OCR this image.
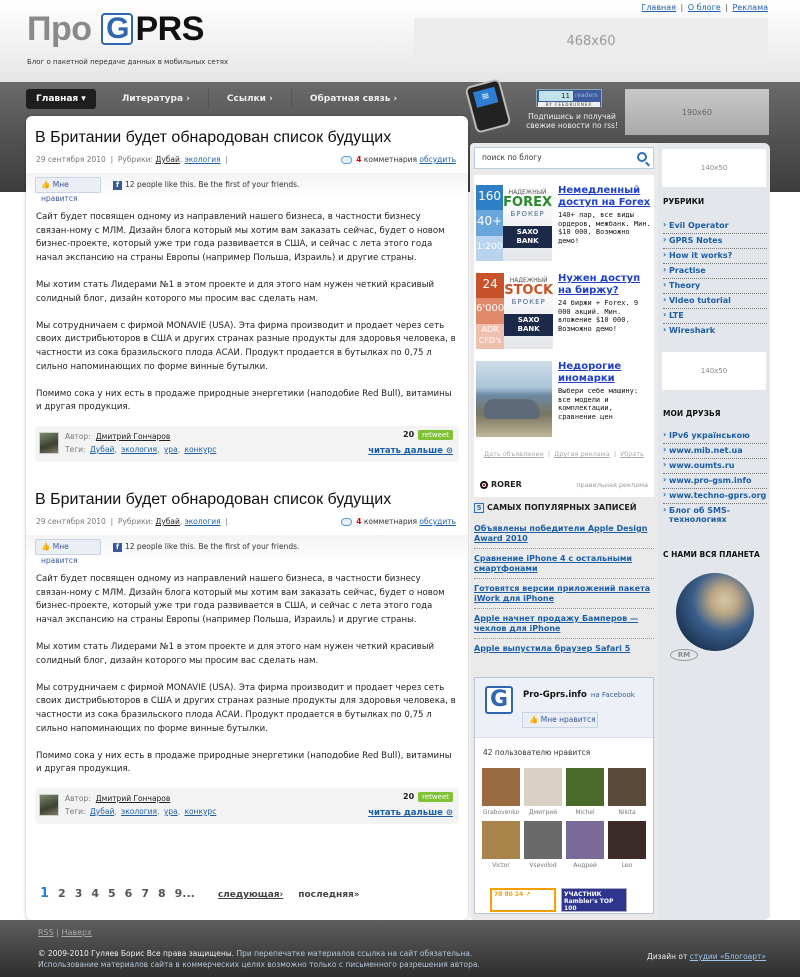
Про G PRS
Блог о пакетной передаче данных в мобильных сетях
Главная | О блоге | Реклама
468x60
Главная ▾	Литература ›	Ссылки ›	Обратная связь ›	≋	11 readers
BY FEEDBURNER
Подпишись и получай свежие новости по rss!
190x60
В Британии будет обнародован список будущих
29 сентября 2010  |  Рубрики: Дубай, экология  |	4 комметнария обсудить
👍 Мне нравится
f 12 people like this. Be the first of your friends.

Сайт будет посвящен одному из направлений нашего бизнеса, в частности бизнесу связан-ному с МЛМ. Дизайн блога который мы хотим вам заказать сейчас, будет о новом бизнес-проекте, который уже три года развивается в США, и сейчас с лета этого года начал экспансию на страны Европы (например Польша, Израиль) и другие страны.

Мы хотим стать Лидерами №1 в этом проекте и для этого нам нужен четкий красивый солидный блог, дизайн которого мы просим вас сделать нам.

Мы сотрудничаем с фирмой MONAVIE (USA). Эта фирма производит и продает через сеть своих дистрибьюторов в США и других странах разные продукты для здоровья человека, в частности из сока бразильского плода АСАИ. Продукт продается в бутылках по 0,75 л сильно напоминающих по форме винные бутылки.

Помимо сока у них есть в продаже природные энергетики (наподобие Red Bull), витамины и другая продукция.

Автор: Дмитрий Гончаров
Теги: Дубай, экология, ура, конкурс
20 retweet
читать дальше ⊙
В Британии будет обнародован список будущих
29 сентября 2010  |  Рубрики: Дубай, экология  |	4 комметнария обсудить
👍 Мне нравится
f 12 people like this. Be the first of your friends.

Сайт будет посвящен одному из направлений нашего бизнеса, в частности бизнесу связан-ному с МЛМ. Дизайн блога который мы хотим вам заказать сейчас, будет о новом бизнес-проекте, который уже три года развивается в США, и сейчас с лета этого года начал экспансию на страны Европы (например Польша, Израиль) и другие страны.

Мы хотим стать Лидерами №1 в этом проекте и для этого нам нужен четкий красивый солидный блог, дизайн которого мы просим вас сделать нам.

Мы сотрудничаем с фирмой MONAVIE (USA). Эта фирма производит и продает через сеть своих дистрибьюторов в США и других странах разные продукты для здоровья человека, в частности из сока бразильского плода АСАИ. Продукт продается в бутылках по 0,75 л сильно напоминающих по форме винные бутылки.

Помимо сока у них есть в продаже природные энергетики (наподобие Red Bull), витамины и другая продукция.

Автор: Дмитрий Гончаров
Теги: Дубай, экология, ура, конкурс
20 retweet
читать дальше ⊙
1 2 3 4 5 6 7 8 9...	следующая› последняя»
поиск по блогу
160
40+
1:200
НАДЕЖНЫЙ
FOREX
БРОКЕР
SAXO BANK
Немедленный доступ на Forex
140+ пар, все виды ордеров, межбанк. Мин. $10 000. Возможно демо!
24
6'000
ADR CFD's
НАДЕЖНЫЙ
STOCK
БРОКЕР
SAXO BANK
Нужен доступ на биржу?
24 биржи + Forex. 9 000 акций. Мин. вложение $10 000. Возможно демо!
Недорогие иномарки
Выбери себе машину: все модели и комплектации, сравнение цен
Дать объявление  |  Другая реклама  |  Убрать
RORER	правильная реклама
5 САМЫХ ПОПУЛЯРНЫХ ЗАПИСЕЙ
Объявлены победители Apple Design Award 2010
Сравнение iPhone 4 с остальными смартфонами
Готовятся версии приложений пакета iWork для iPhone
Apple начнет продажу Бамперов — чехлов для iPhone
Apple выпустила браузер Safari 5
G	Pro-Gprs.info на Facebook
👍 Мне нравится
42 пользователю нравится
Grabovenko	Дмитрий	Michel	Nikita
Victor	Vsevolod	Андрей	Leo
78 80 14 ↗	УЧАСТНИК Rambler's TOP 100
140x50
РУБРИКИ
› Evil Operator
› GPRS Notes
› How it works?
› Practise
› Theory
› Video tutorial
› LTE
› Wireshark
140x50
МОИ ДРУЗЬЯ
› IPv6 українською
› www.mib.net.ua
› www.oumts.ru
› www.pro-gsm.info
› www.techno-gprs.org
› Блог об SMS-технологиях
С НАМИ ВСЯ ПЛАНЕТА
RM
RSS | Наверх
© 2009-2010 Гуляев Борис Все права защищены. При перепечатке материалов ссылка на сайт обязательна.
Использование материалов сайта в коммерческих целях возможно только с письменного разрешения автора.
Дизайн от студии «Блогоарт»
